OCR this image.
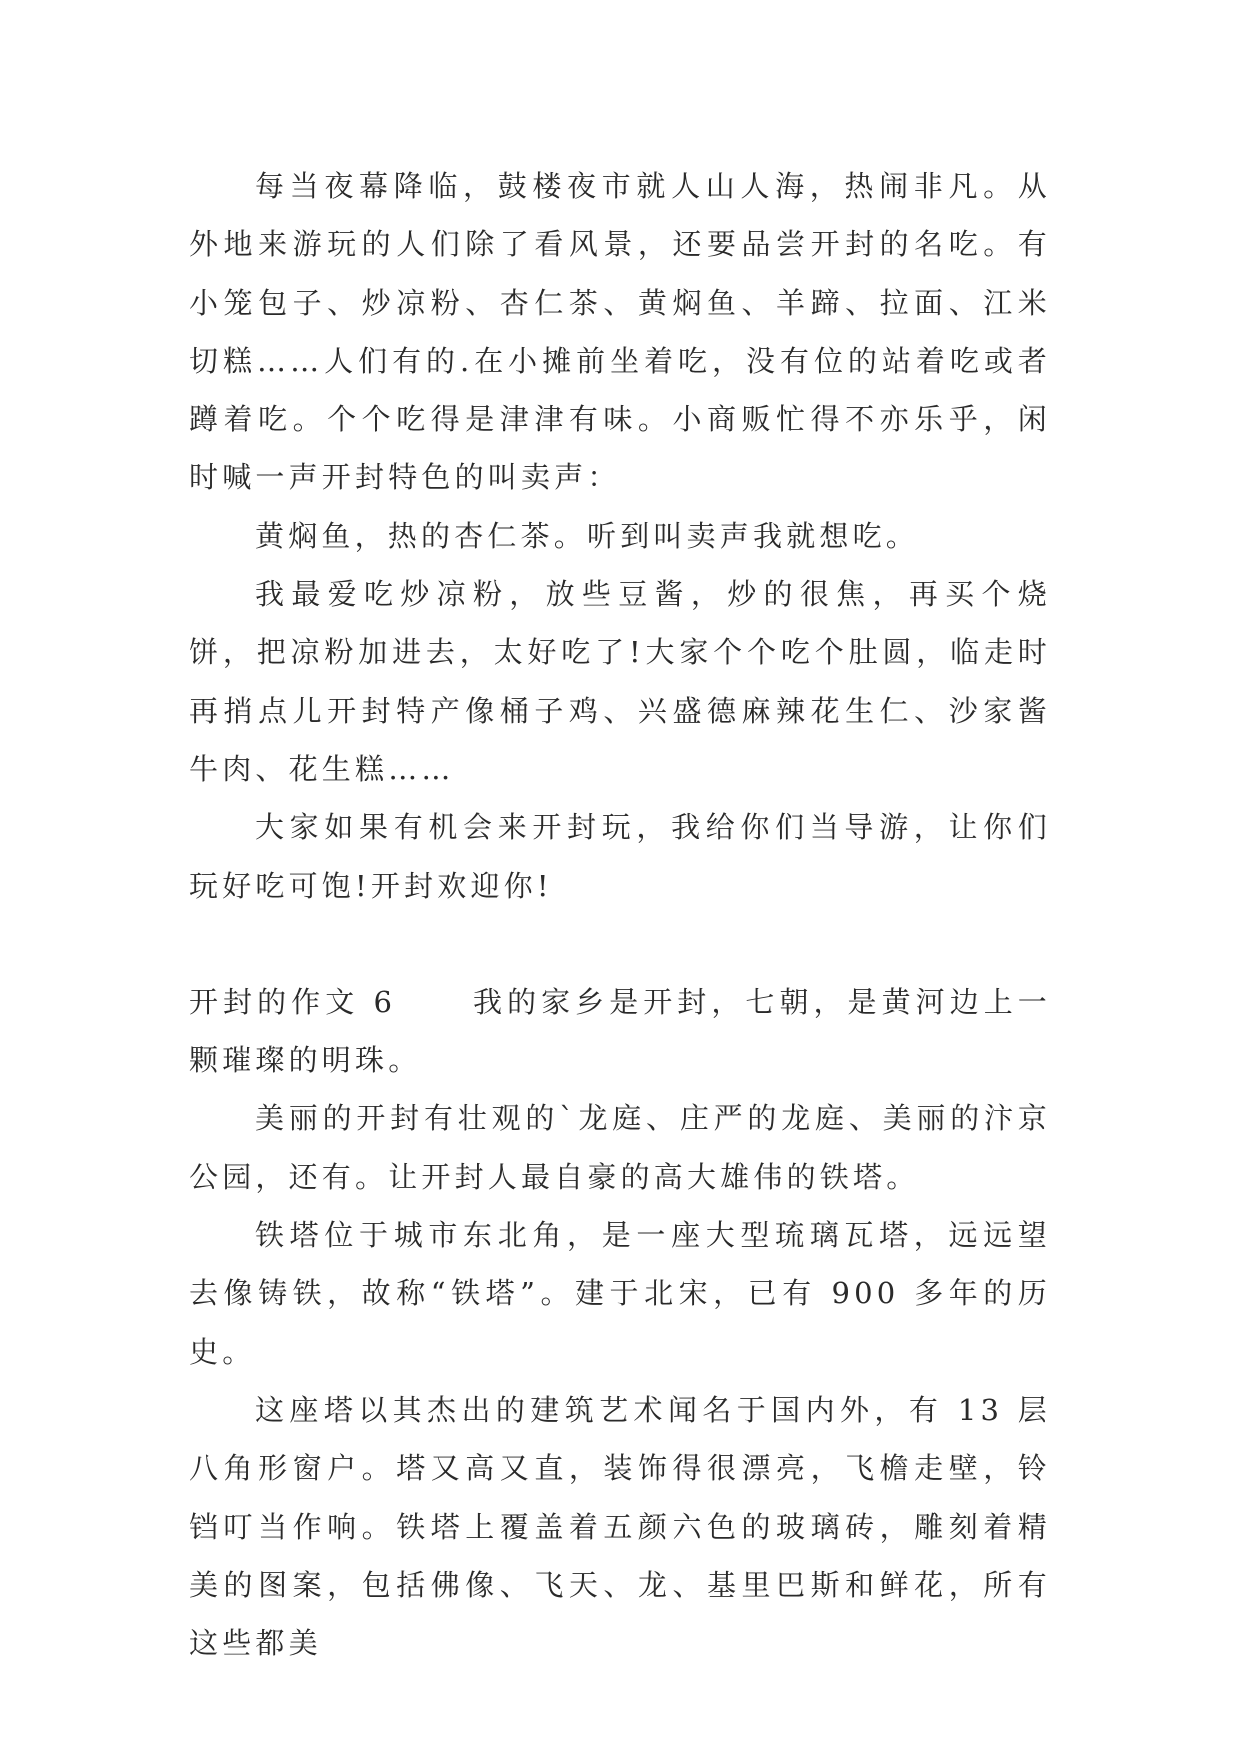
每当夜幕降临，鼓楼夜市就人山人海，热闹非凡。从外地来游玩的人们除了看风景，还要品尝开封的名吃。有小笼包子、炒凉粉、杏仁茶、黄焖鱼、羊蹄、拉面、江米切糕……人们有的.在小摊前坐着吃，没有位的站着吃或者蹲着吃。个个吃得是津津有味。小商贩忙得不亦乐乎，闲时喊一声开封特色的叫卖声：

黄焖鱼，热的杏仁茶。听到叫卖声我就想吃。

我最爱吃炒凉粉，放些豆酱，炒的很焦，再买个烧饼，把凉粉加进去，太好吃了!大家个个吃个肚圆，临走时再捎点儿开封特产像桶子鸡、兴盛德麻辣花生仁、沙家酱牛肉、花生糕……

大家如果有机会来开封玩，我给你们当导游，让你们玩好吃可饱!开封欢迎你!

开封的作文 6	我的家乡是开封，七朝，是黄河边上一颗璀璨的明珠。

美丽的开封有壮观的`龙庭、庄严的龙庭、美丽的汴京公园，还有。让开封人最自豪的高大雄伟的铁塔。

铁塔位于城市东北角，是一座大型琉璃瓦塔，远远望去像铸铁，故称“铁塔”。建于北宋，已有 900 多年的历史。

这座塔以其杰出的建筑艺术闻名于国内外，有 13 层八角形窗户。塔又高又直，装饰得很漂亮，飞檐走壁，铃铛叮当作响。铁塔上覆盖着五颜六色的玻璃砖，雕刻着精美的图案，包括佛像、飞天、龙、基里巴斯和鲜花，所有这些都美
